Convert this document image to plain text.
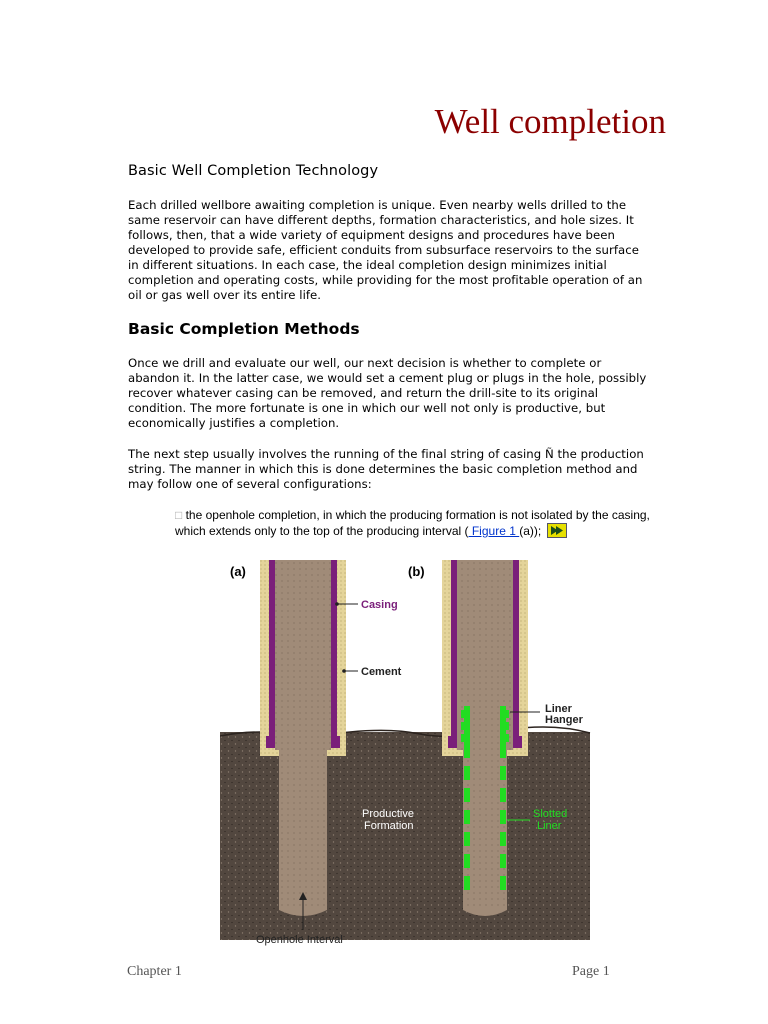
Well completion
Basic Well Completion Technology

Each drilled wellbore awaiting completion is unique. Even nearby wells drilled to the same reservoir can have different depths, formation characteristics, and hole sizes. It follows, then, that a wide variety of equipment designs and procedures have been developed to provide safe, efficient conduits from subsurface reservoirs to the surface in different situations. In each case, the ideal completion design minimizes initial completion and operating costs, while providing for the most profitable operation of an oil or gas well over its entire life.

Basic Completion Methods

Once we drill and evaluate our well, our next decision is whether to complete or abandon it. In the latter case, we would set a cement plug or plugs in the hole, possibly recover whatever casing can be removed, and return the drill-site to its original condition. The more fortunate is one in which our well not only is productive, but economically justifies a completion.

The next step usually involves the running of the final string of casing Ñ the production string. The manner in which this is done determines the basic completion method and may follow one of several configurations:

□ the openhole completion, in which the producing formation is not isolated by the casing, which extends only to the top of the producing interval ( Figure 1 (a));

(a)	(b)
Casing
Cement
Liner
Hanger
Productive
Formation
Slotted
Liner
Openhole Interval
Chapter 1	Page 1
